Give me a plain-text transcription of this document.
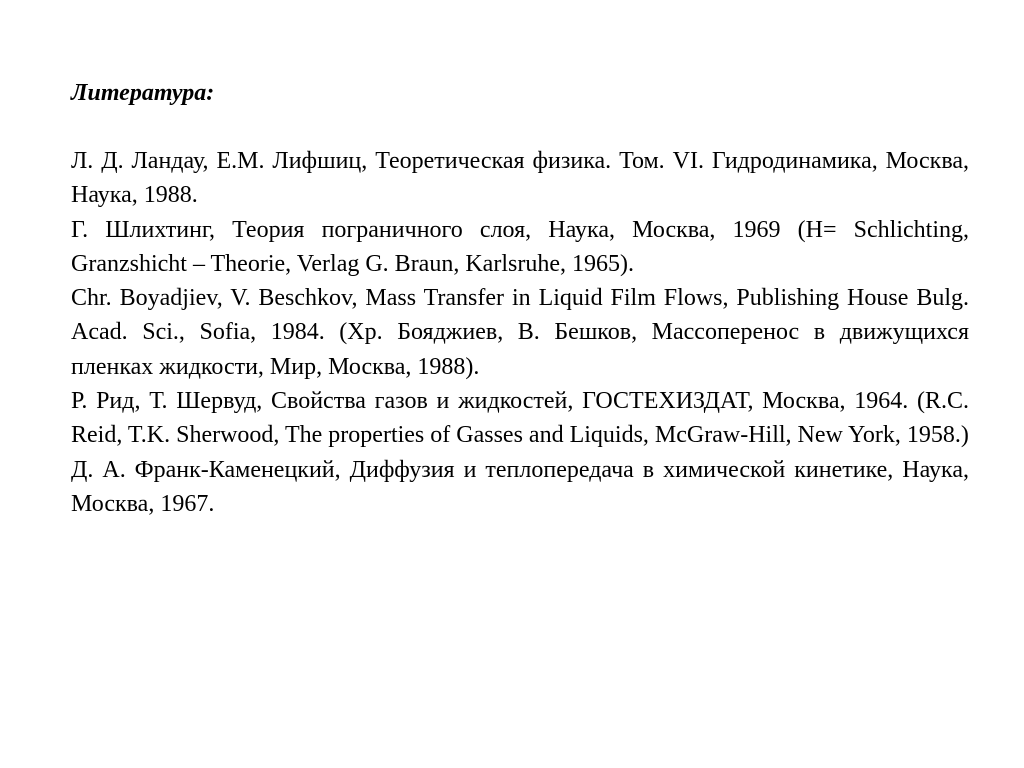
Литература:

Л. Д. Ландау, Е.М. Лифшиц, Теоретическая физика. Том. VI. Гидродинамика, Москва, Наука, 1988.

Г. Шлихтинг, Теория пограничного слоя, Наука, Москва, 1969 (H= Schlichting, Granzshicht – Theorie, Verlag G. Braun, Karlsruhe, 1965).

Chr. Boyadjiev, V. Beschkov, Mass Transfer in Liquid Film Flows, Publishing House Bulg. Acad. Sci., Sofia, 1984. (Хр. Бояджиев, В. Бешков, Массоперенос в движущихся пленках жидкости, Мир, Москва, 1988).

Р. Рид, Т. Шервуд, Свойства газов и жидкостей, ГОСТЕХИЗДАТ, Москва, 1964. (R.C. Reid, T.K. Sherwood, The properties of Gasses and Liquids, McGraw-Hill, New York, 1958.)

Д. А. Франк-Каменецкий, Диффузия и теплопередача в химической кинетике, Наука, Москва, 1967.
